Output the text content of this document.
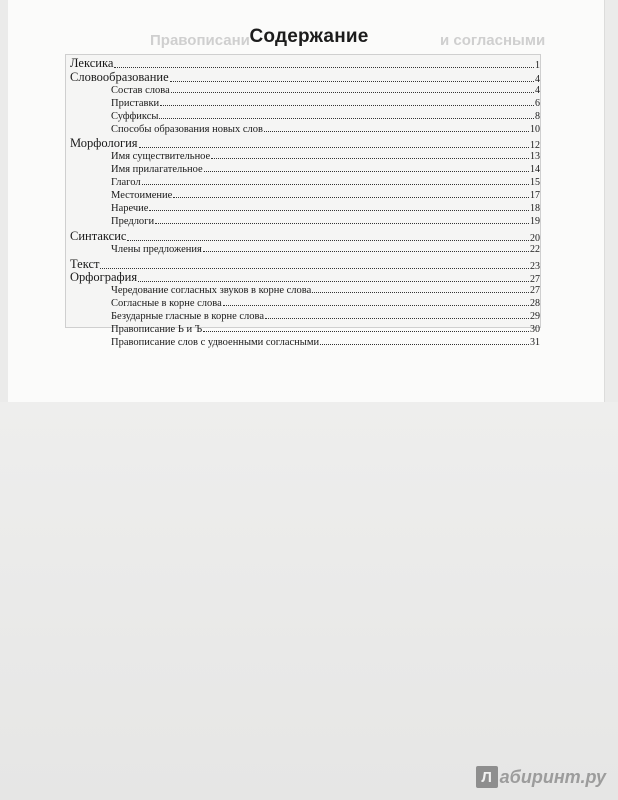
Правописани	и согласными
Содержание
Лексика	1
Словообразование	4
Состав слова	4
Приставки	6
Суффиксы	8
Способы образования новых слов	10
Морфология	12
Имя существительное	13
Имя прилагательное	14
Глагол	15
Местоимение	17
Наречие	18
Предлоги	19
Синтаксис	20
Члены предложения	22
Текст	23
Орфография	27
Чередование согласных звуков в корне слова	27
Согласные в корне слова	28
Безударные гласные в корне слова	29
Правописание Ь и Ъ	30
Правописание слов с удвоенными согласными	31
Л абиринт.ру
